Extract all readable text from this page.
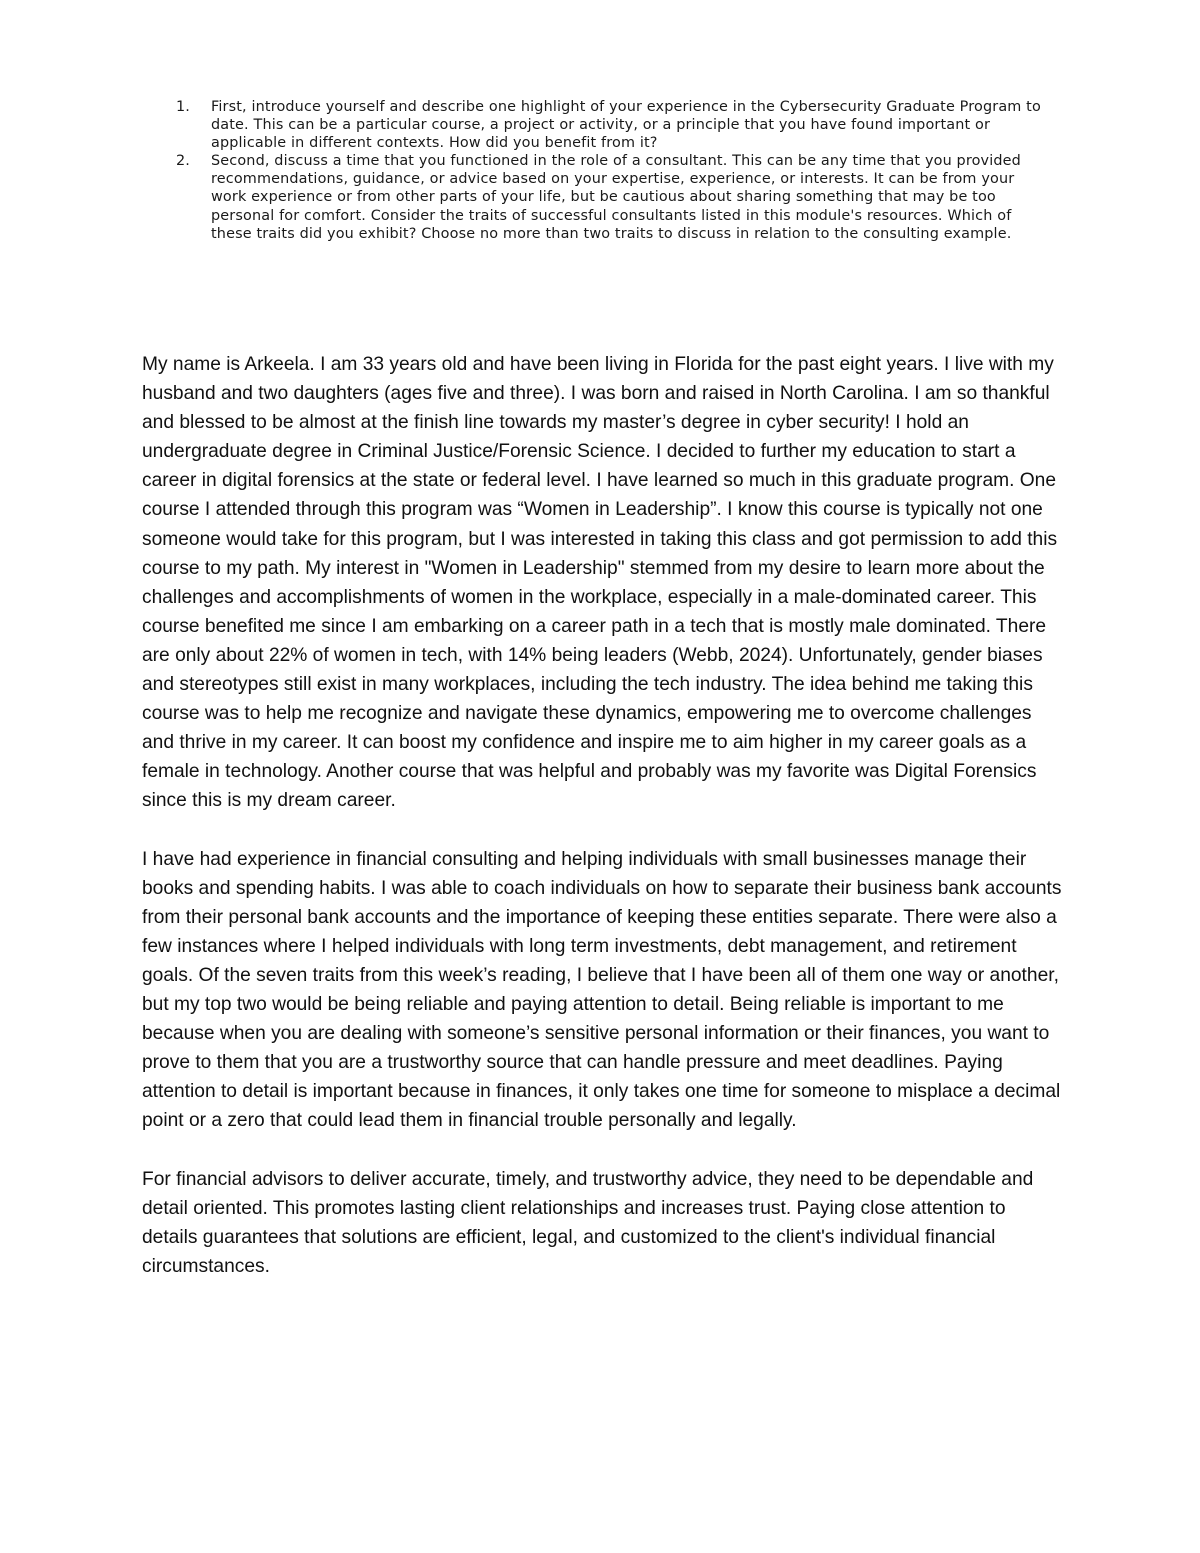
1. First, introduce yourself and describe one highlight of your experience in the Cybersecurity Graduate Program to date. This can be a particular course, a project or activity, or a principle that you have found important or applicable in different contexts. How did you benefit from it?
2. Second, discuss a time that you functioned in the role of a consultant. This can be any time that you provided recommendations, guidance, or advice based on your expertise, experience, or interests. It can be from your work experience or from other parts of your life, but be cautious about sharing something that may be too personal for comfort. Consider the traits of successful consultants listed in this module's resources. Which of these traits did you exhibit? Choose no more than two traits to discuss in relation to the consulting example.

My name is Arkeela. I am 33 years old and have been living in Florida for the past eight years. I live with my husband and two daughters (ages five and three). I was born and raised in North Carolina. I am so thankful and blessed to be almost at the finish line towards my master’s degree in cyber security! I hold an undergraduate degree in Criminal Justice/Forensic Science. I decided to further my education to start a career in digital forensics at the state or federal level. I have learned so much in this graduate program. One course I attended through this program was “Women in Leadership”. I know this course is typically not one someone would take for this program, but I was interested in taking this class and got permission to add this course to my path. My interest in "Women in Leadership" stemmed from my desire to learn more about the challenges and accomplishments of women in the workplace, especially in a male-dominated career. This course benefited me since I am embarking on a career path in a tech that is mostly male dominated. There are only about 22% of women in tech, with 14% being leaders (Webb, 2024). Unfortunately, gender biases and stereotypes still exist in many workplaces, including the tech industry. The idea behind me taking this course was to help me recognize and navigate these dynamics, empowering me to overcome challenges and thrive in my career. It can boost my confidence and inspire me to aim higher in my career goals as a female in technology. Another course that was helpful and probably was my favorite was Digital Forensics since this is my dream career.

I have had experience in financial consulting and helping individuals with small businesses manage their books and spending habits. I was able to coach individuals on how to separate their business bank accounts from their personal bank accounts and the importance of keeping these entities separate. There were also a few instances where I helped individuals with long term investments, debt management, and retirement goals. Of the seven traits from this week’s reading, I believe that I have been all of them one way or another, but my top two would be being reliable and paying attention to detail. Being reliable is important to me because when you are dealing with someone’s sensitive personal information or their finances, you want to prove to them that you are a trustworthy source that can handle pressure and meet deadlines. Paying attention to detail is important because in finances, it only takes one time for someone to misplace a decimal point or a zero that could lead them in financial trouble personally and legally.

For financial advisors to deliver accurate, timely, and trustworthy advice, they need to be dependable and detail oriented. This promotes lasting client relationships and increases trust. Paying close attention to details guarantees that solutions are efficient, legal, and customized to the client's individual financial circumstances.
